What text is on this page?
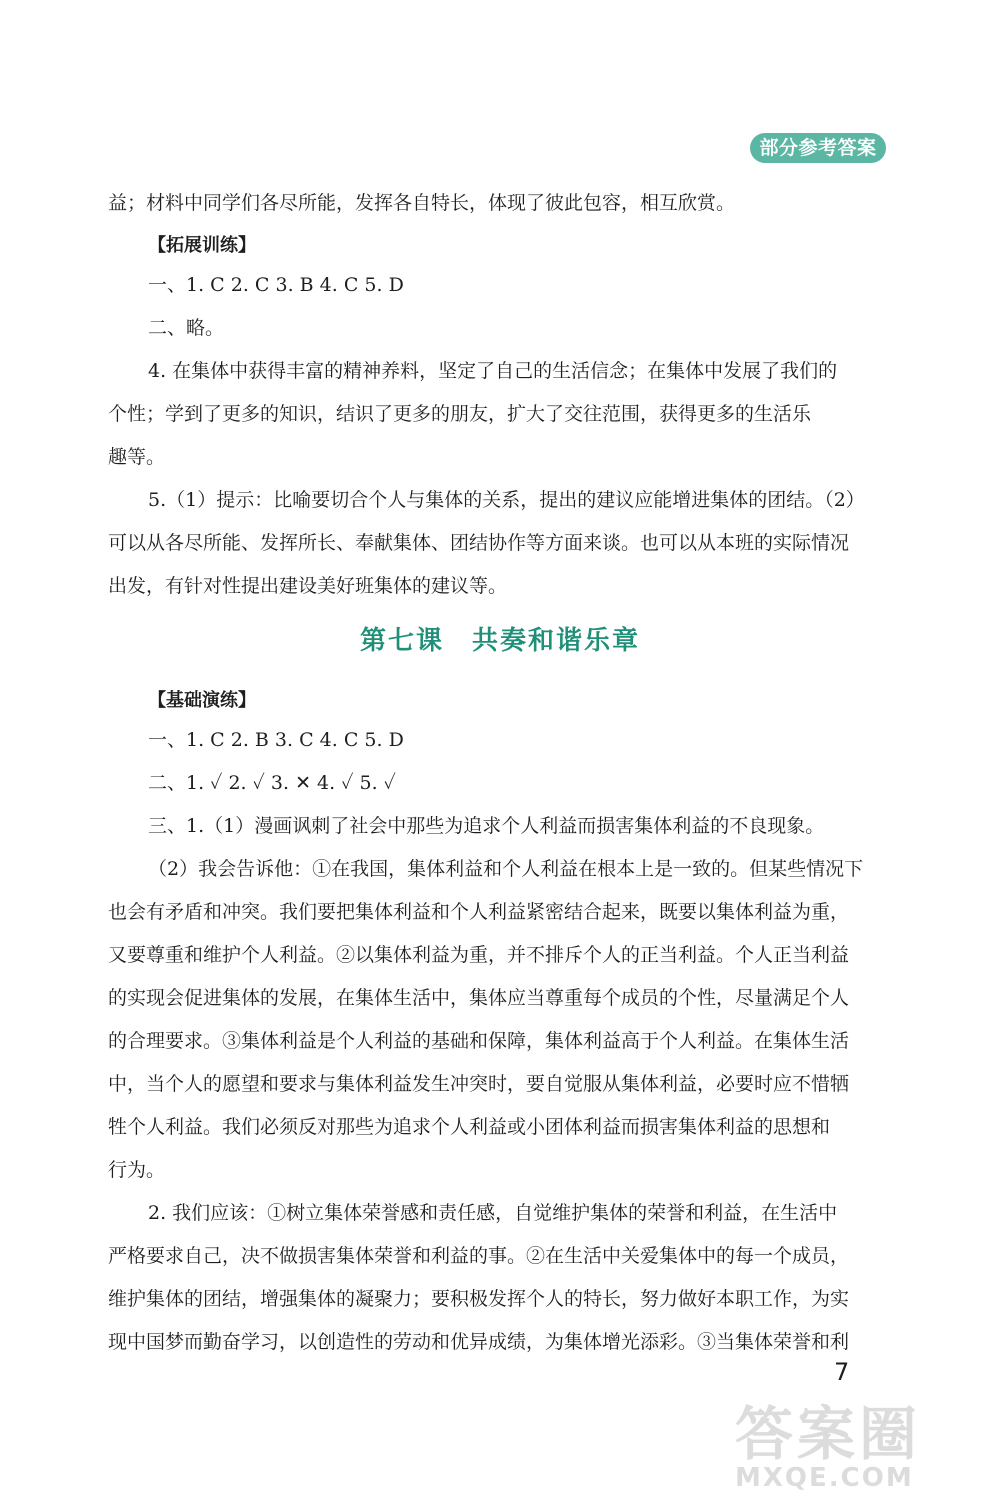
部分参考答案
益；材料中同学们各尽所能，发挥各自特长，体现了彼此包容，相互欣赏。
【拓展训练】
一、1. C 2. C 3. B 4. C 5. D
二、略。
4. 在集体中获得丰富的精神养料，坚定了自己的生活信念；在集体中发展了我们的
个性；学到了更多的知识，结识了更多的朋友，扩大了交往范围，获得更多的生活乐
趣等。
5.（1）提示：比喻要切合个人与集体的关系，提出的建议应能增进集体的团结。（2）
可以从各尽所能、发挥所长、奉献集体、团结协作等方面来谈。也可以从本班的实际情况
出发，有针对性提出建设美好班集体的建议等。
第七课 共奏和谐乐章
【基础演练】
一、1. C 2. B 3. C 4. C 5. D
二、1. ✓ 2. ✓ 3. ✕ 4. ✓ 5. ✓
三、1.（1）漫画讽刺了社会中那些为追求个人利益而损害集体利益的不良现象。
（2）我会告诉他：①在我国，集体利益和个人利益在根本上是一致的。但某些情况下
也会有矛盾和冲突。我们要把集体利益和个人利益紧密结合起来，既要以集体利益为重，
又要尊重和维护个人利益。②以集体利益为重，并不排斥个人的正当利益。个人正当利益
的实现会促进集体的发展，在集体生活中，集体应当尊重每个成员的个性，尽量满足个人
的合理要求。③集体利益是个人利益的基础和保障，集体利益高于个人利益。在集体生活
中，当个人的愿望和要求与集体利益发生冲突时，要自觉服从集体利益，必要时应不惜牺
牲个人利益。我们必须反对那些为追求个人利益或小团体利益而损害集体利益的思想和
行为。
2. 我们应该：①树立集体荣誉感和责任感，自觉维护集体的荣誉和利益，在生活中
严格要求自己，决不做损害集体荣誉和利益的事。②在生活中关爱集体中的每一个成员，
维护集体的团结，增强集体的凝聚力；要积极发挥个人的特长，努力做好本职工作，为实
现中国梦而勤奋学习，以创造性的劳动和优异成绩，为集体增光添彩。③当集体荣誉和利
7
答案圈
MXQE.COM
